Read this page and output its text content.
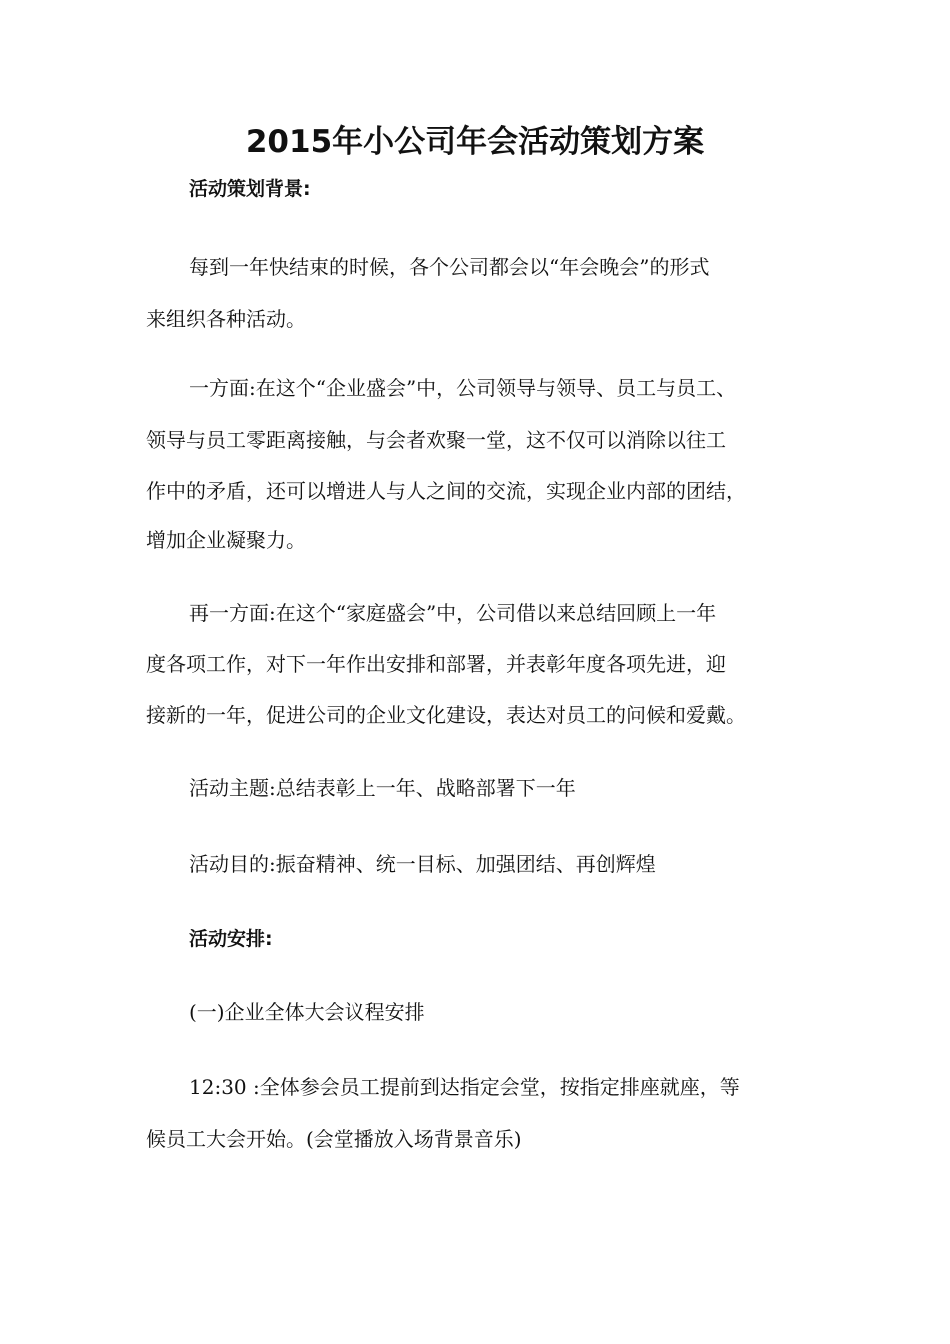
2015年小公司年会活动策划方案

活动策划背景:

每到一年快结束的时候，各个公司都会以“年会晚会”的形式

来组织各种活动。

一方面:在这个“企业盛会”中，公司领导与领导、员工与员工、

领导与员工零距离接触，与会者欢聚一堂，这不仅可以消除以往工

作中的矛盾，还可以增进人与人之间的交流，实现企业内部的团结，

增加企业凝聚力。

再一方面:在这个“家庭盛会”中，公司借以来总结回顾上一年

度各项工作，对下一年作出安排和部署，并表彰年度各项先进，迎

接新的一年，促进公司的企业文化建设，表达对员工的问候和爱戴。

活动主题:总结表彰上一年、战略部署下一年

活动目的:振奋精神、统一目标、加强团结、再创辉煌

活动安排:

(一)企业全体大会议程安排

12:30 :全体参会员工提前到达指定会堂，按指定排座就座，等

候员工大会开始。(会堂播放入场背景音乐)
